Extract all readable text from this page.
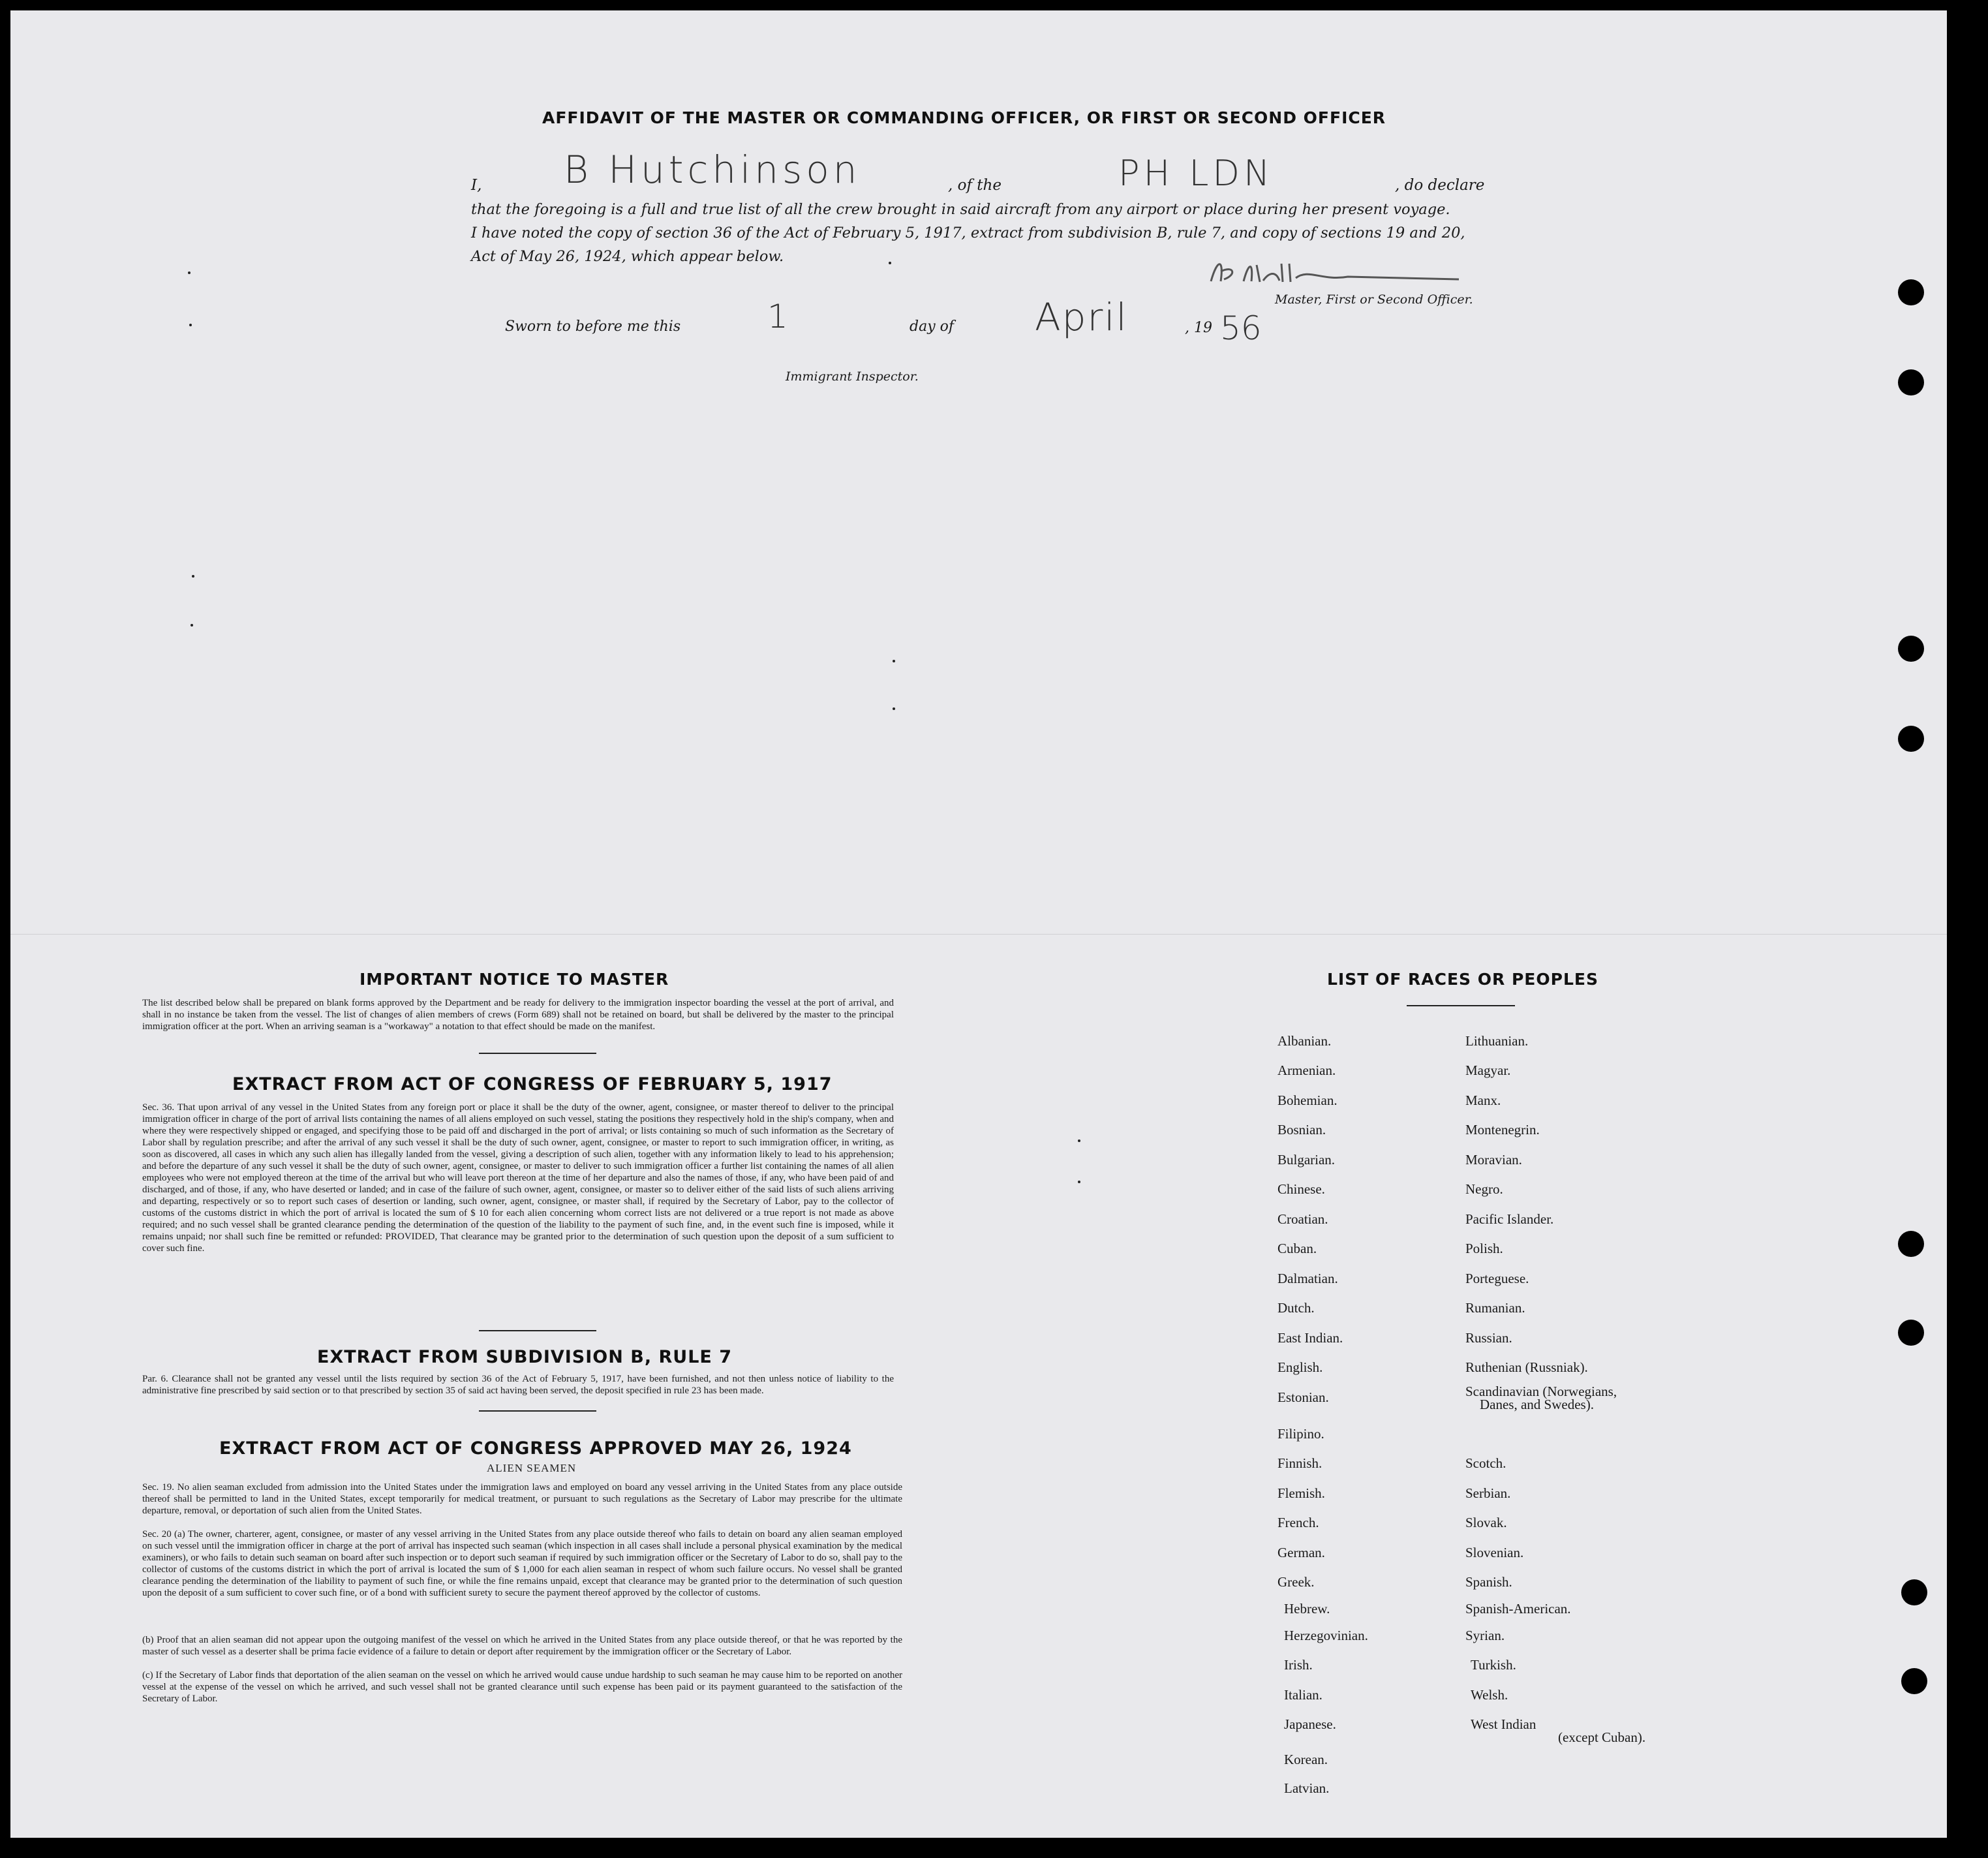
AFFIDAVIT OF THE MASTER OR COMMANDING OFFICER, OR FIRST OR SECOND OFFICER
I, B Hutchinson	, of the	PH LDN	, do declare
that the foregoing is a full and true list of all the crew brought in said aircraft from any airport or place during her present voyage.
I have noted the copy of section 36 of the Act of February 5, 1917, extract from subdivision B, rule 7, and copy of sections 19 and 20,
Act of May 26, 1924, which appear below.
Master, First or Second Officer.
Sworn to before me this	1	day of April	, 19 56
Immigrant Inspector.
IMPORTANT NOTICE TO MASTER
The list described below shall be prepared on blank forms approved by the Department and be ready for delivery to the immigration inspector boarding the vessel at the port of arrival, and shall in no instance be taken from the vessel. The list of changes of alien members of crews (Form 689) shall not be retained on board, but shall be delivered by the master to the principal immigration officer at the port. When an arriving seaman is a "workaway" a notation to that effect should be made on the manifest.
EXTRACT FROM ACT OF CONGRESS OF FEBRUARY 5, 1917
Sec. 36. That upon arrival of any vessel in the United States from any foreign port or place it shall be the duty of the owner, agent, consignee, or master thereof to deliver to the principal immigration officer in charge of the port of arrival lists containing the names of all aliens employed on such vessel, stating the positions they respectively hold in the ship's company, when and where they were respectively shipped or engaged, and specifying those to be paid off and discharged in the port of arrival; or lists containing so much of such information as the Secretary of Labor shall by regulation prescribe; and after the arrival of any such vessel it shall be the duty of such owner, agent, consignee, or master to report to such immigration officer, in writing, as soon as discovered, all cases in which any such alien has illegally landed from the vessel, giving a description of such alien, together with any information likely to lead to his apprehension; and before the departure of any such vessel it shall be the duty of such owner, agent, consignee, or master to deliver to such immigration officer a further list containing the names of all alien employees who were not employed thereon at the time of the arrival but who will leave port thereon at the time of her departure and also the names of those, if any, who have been paid of and discharged, and of those, if any, who have deserted or landed; and in case of the failure of such owner, agent, consignee, or master so to deliver either of the said lists of such aliens arriving and departing, respectively or so to report such cases of desertion or landing, such owner, agent, consignee, or master shall, if required by the Secretary of Labor, pay to the collector of customs of the customs district in which the port of arrival is located the sum of $ 10 for each alien concerning whom correct lists are not delivered or a true report is not made as above required; and no such vessel shall be granted clearance pending the determination of the question of the liability to the payment of such fine, and, in the event such fine is imposed, while it remains unpaid; nor shall such fine be remitted or refunded: PROVIDED, That clearance may be granted prior to the determination of such question upon the deposit of a sum sufficient to cover such fine.
EXTRACT FROM SUBDIVISION B, RULE 7
Par. 6. Clearance shall not be granted any vessel until the lists required by section 36 of the Act of February 5, 1917, have been furnished, and not then unless notice of liability to the administrative fine prescribed by said section or to that prescribed by section 35 of said act having been served, the deposit specified in rule 23 has been made.
EXTRACT FROM ACT OF CONGRESS APPROVED MAY 26, 1924
ALIEN SEAMEN
Sec. 19. No alien seaman excluded from admission into the United States under the immigration laws and employed on board any vessel arriving in the United States from any place outside thereof shall be permitted to land in the United States, except temporarily for medical treatment, or pursuant to such regulations as the Secretary of Labor may prescribe for the ultimate departure, removal, or deportation of such alien from the United States.
Sec. 20 (a) The owner, charterer, agent, consignee, or master of any vessel arriving in the United States from any place outside thereof who fails to detain on board any alien seaman employed on such vessel until the immigration officer in charge at the port of arrival has inspected such seaman (which inspection in all cases shall include a personal physical examination by the medical examiners), or who fails to detain such seaman on board after such inspection or to deport such seaman if required by such immigration officer or the Secretary of Labor to do so, shall pay to the collector of customs of the customs district in which the port of arrival is located the sum of $ 1,000 for each alien seaman in respect of whom such failure occurs. No vessel shall be granted clearance pending the determination of the liability to payment of such fine, or while the fine remains unpaid, except that clearance may be granted prior to the determination of such question upon the deposit of a sum sufficient to cover such fine, or of a bond with sufficient surety to secure the payment thereof approved by the collector of customs.
(b) Proof that an alien seaman did not appear upon the outgoing manifest of the vessel on which he arrived in the United States from any place outside thereof, or that he was reported by the master of such vessel as a deserter shall be prima facie evidence of a failure to detain or deport after requirement by the immigration officer or the Secretary of Labor.
(c) If the Secretary of Labor finds that deportation of the alien seaman on the vessel on which he arrived would cause undue hardship to such seaman he may cause him to be reported on another vessel at the expense of the vessel on which he arrived, and such vessel shall not be granted clearance until such expense has been paid or its payment guaranteed to the satisfaction of the Secretary of Labor.
LIST OF RACES OR PEOPLES
Albanian.
Armenian.
Bohemian.
Bosnian.
Bulgarian.
Chinese.
Croatian.
Cuban.
Dalmatian.
Dutch.
East Indian.
English.
Estonian.
Filipino.
Finnish.
Flemish.
French.
German.
Greek.
Hebrew.
Herzegovinian.
Irish.
Italian.
Japanese.
Korean.
Latvian.
Lithuanian.
Magyar.
Manx.
Montenegrin.
Moravian.
Negro.
Pacific Islander.
Polish.
Porteguese.
Rumanian.
Russian.
Ruthenian (Russniak).
Scandinavian (Norwegians,
Danes, and Swedes).
Scotch.
Serbian.
Slovak.
Slovenian.
Spanish.
Spanish-American.
Syrian.
Turkish.
Welsh.
West Indian
(except Cuban).
